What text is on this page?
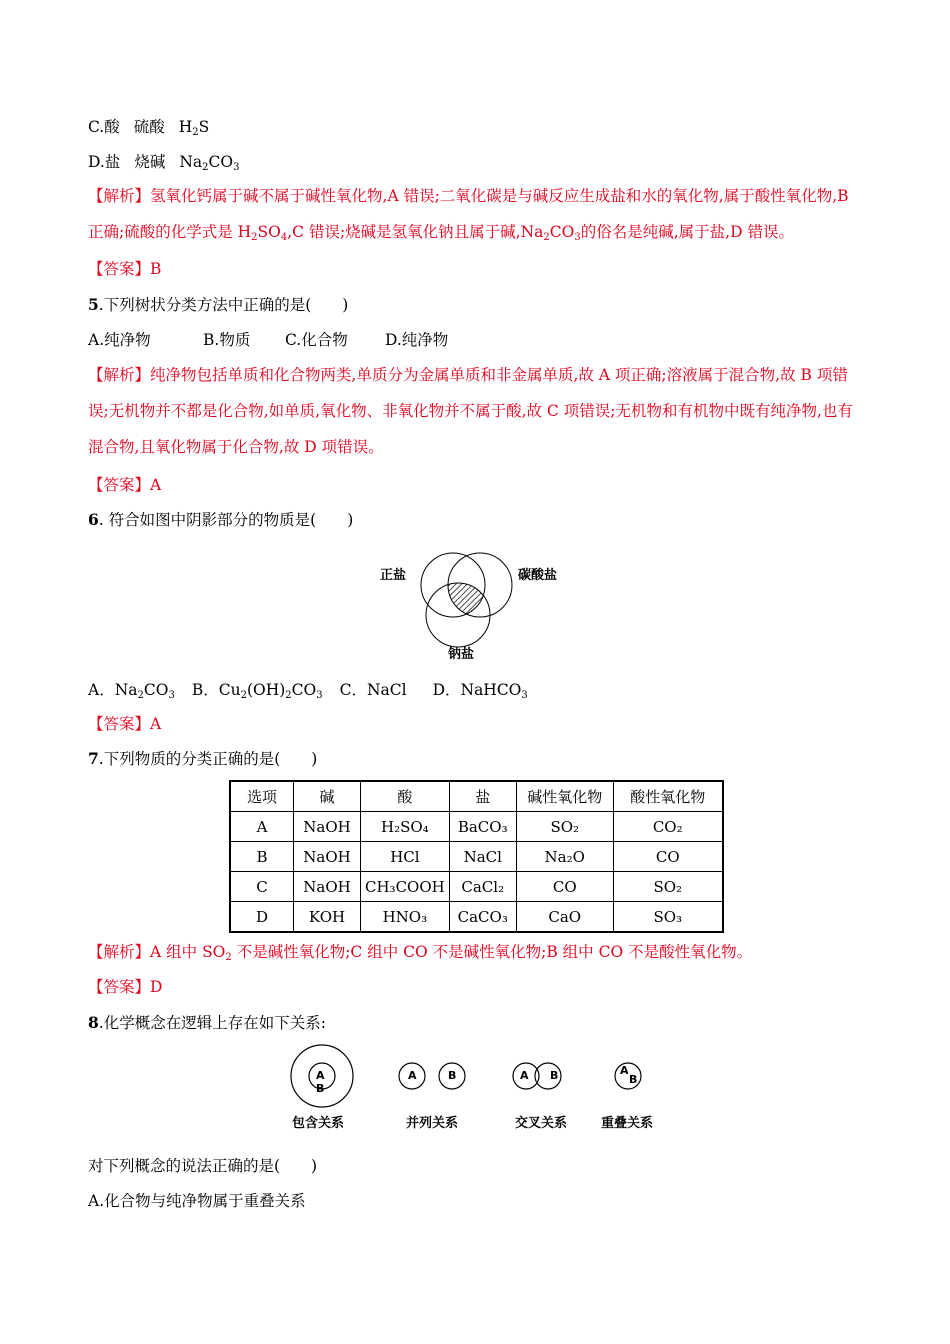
C.酸 硫酸 $H_2S$
D.盐 烧碱 $Na_2CO_3$
【解析】氢氧化钙属于碱不属于碱性氧化物,A 错误;二氧化碳是与碱反应生成盐和水的氧化物,属于酸性氧化物,B 正确;硫酸的化学式是 $H_2SO_4,C$ 错误;烧碱是氢氧化钠且属于碱$,Na_2CO_3$的俗名是纯碱,属于盐,D 错误。
【答案】B
5.下列树状分类方法中正确的是(　　)
A.纯净物	B.物质 C.化合物 D.纯净物
【解析】纯净物包括单质和化合物两类,单质分为金属单质和非金属单质,故 A 项正确;溶液属于混合物,故 B 项错误;无机物并不都是化合物,如单质,氧化物、非氧化物并不属于酸,故 C 项错误;无机物和有机物中既有纯净物,也有混合物,且氧化物属于化合物,故 D 项错误。
【答案】A
6. 符合如图中阴影部分的物质是(　　)
正盐	碳酸盐
钠盐
A．$Na_2CO_3$ B．$Cu_2(OH)_2CO_3$ C．NaCl D．NaHCO$_3$
【答案】A
7.下列物质的分类正确的是(　　)
选项	碱	酸	盐	碱性氧化物	酸性氧化物
A	NaOH	H₂SO₄	BaCO₃	SO₂	CO₂
B	NaOH	HCl	NaCl	Na₂O	CO
C	NaOH	CH₃COOH	CaCl₂	CO	SO₂
D	KOH	HNO₃	CaCO₃	CaO	SO₃
【解析】A 组中 $SO_2$ 不是碱性氧化物;C 组中 CO 不是碱性氧化物;B 组中 CO 不是酸性氧化物。
【答案】D
8.化学概念在逻辑上存在如下关系:
A
B
A	B	A B	A
B
包含关系	并列关系	交叉关系	重叠关系
对下列概念的说法正确的是(　　)
A.化合物与纯净物属于重叠关系
